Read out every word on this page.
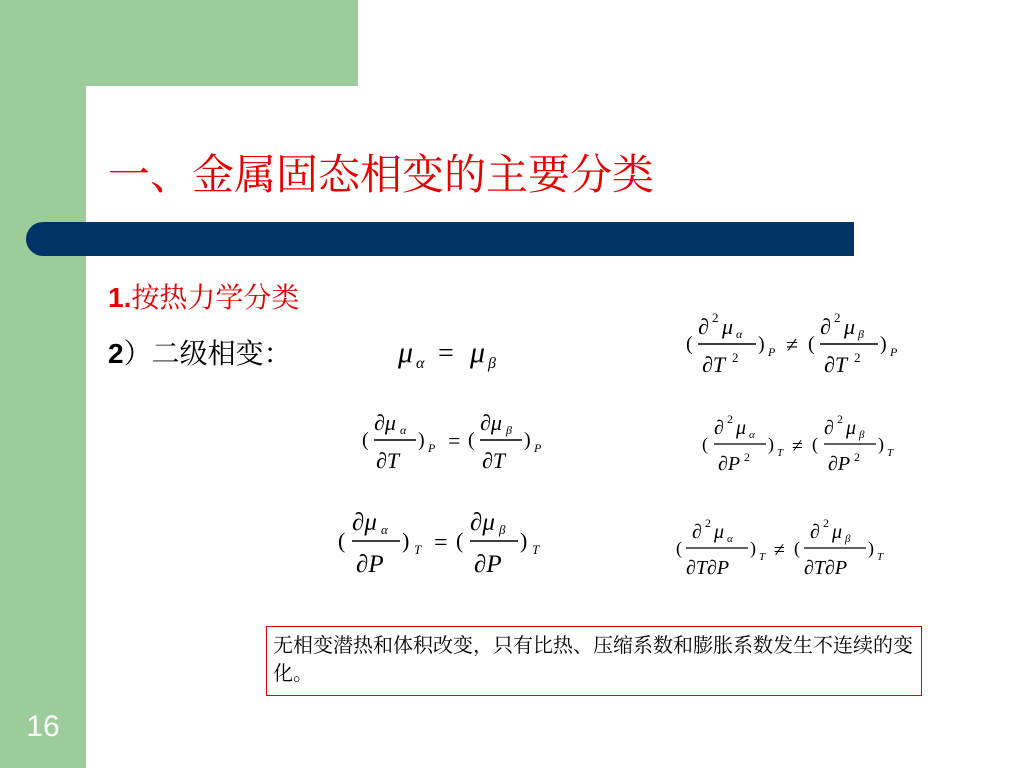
16
一、金属固态相变的主要分类
1.按热力学分类
2）二级相变：	μ α = μ β
(
∂ 2 μ α
∂T 2
) P ≠ (
∂ 2 μ β
∂T 2
) P
(
∂μ α
∂T
) P = (
∂μ β
∂T
) P	(
∂ 2 μ α
∂P 2
) T ≠ (
∂ 2 μ β
∂P 2
) T
(
∂μ α
∂P
) T = (
∂μ β
∂P
) T	(
∂ 2 μ α
∂T∂P
) T ≠ (
∂ 2 μ β
∂T∂P
) T
无相变潜热和体积改变，只有比热、压缩系数和膨胀系数发生不连续的变化。
